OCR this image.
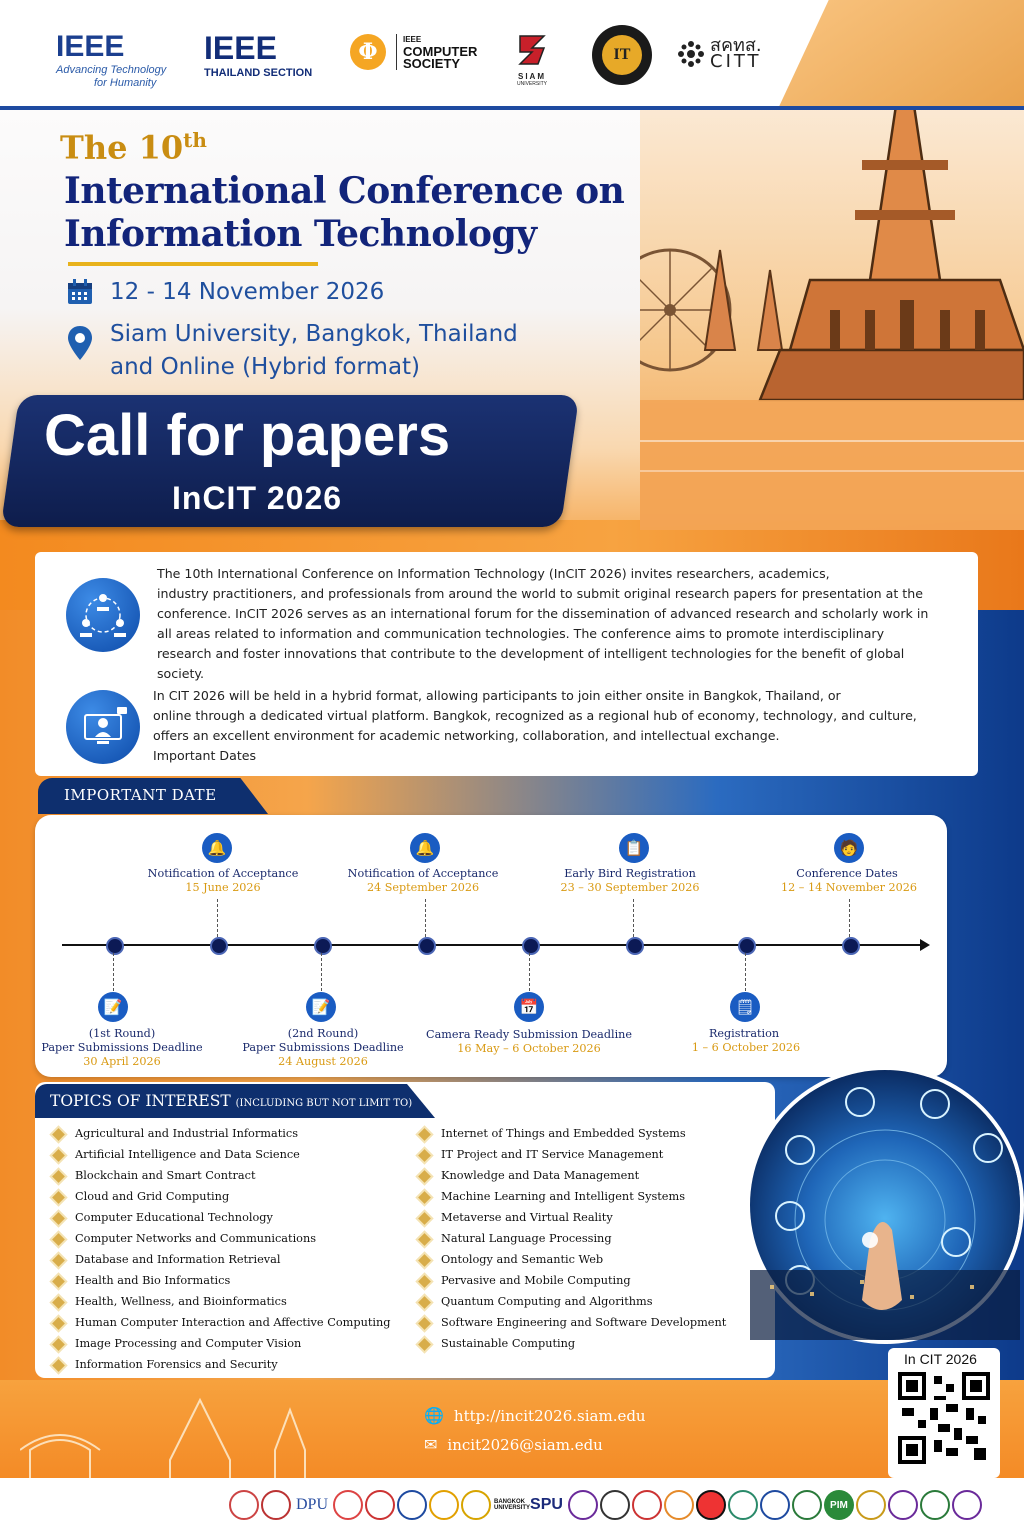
IEEE
Advancing Technology
for Humanity
IEEE
THAILAND SECTION
Φ	IEEE
COMPUTER
SOCIETY
SIAM
UNIVERSITY
IT	สคทส.
CITT
The 10th
International Conference on
Information Technology
12 - 14 November 2026
Siam University, Bangkok, Thailand
and Online (Hybrid format)
Call for papers
InCIT 2026
The 10th International Conference on Information Technology (InCIT 2026) invites researchers, academics,
industry practitioners, and professionals from around the world to submit original research papers for presentation at the
conference. InCIT 2026 serves as an international forum for the dissemination of advanced research and scholarly work in
all areas related to information and communication technologies. The conference aims to promote interdisciplinary
research and foster innovations that contribute to the development of intelligent technologies for the benefit of global
society.
In CIT 2026 will be held in a hybrid format, allowing participants to join either onsite in Bangkok, Thailand, or
online through a dedicated virtual platform. Bangkok, recognized as a regional hub of economy, technology, and culture,
offers an excellent environment for academic networking, collaboration, and intellectual exchange.
Important Dates
IMPORTANT DATE
🔔
Notification of Acceptance
15 June 2026
🔔
Notification of Acceptance
24 September 2026
📋
Early Bird Registration
23 – 30 September 2026
🧑
Conference Dates
12 – 14 November 2026
📝
(1st Round)
Paper Submissions Deadline
30 April 2026
📝
(2nd Round)
Paper Submissions Deadline
24 August 2026
📅
Camera Ready Submission Deadline
16 May – 6 October 2026
🗒
Registration
1 – 6 October 2026
TOPICS OF INTEREST (INCLUDING BUT NOT LIMIT TO)
Agricultural and Industrial Informatics
Artificial Intelligence and Data Science
Blockchain and Smart Contract
Cloud and Grid Computing
Computer Educational Technology
Computer Networks and Communications
Database and Information Retrieval
Health and Bio Informatics
Health, Wellness, and Bioinformatics
Human Computer Interaction and Affective Computing
Image Processing and Computer Vision
Information Forensics and Security
Internet of Things and Embedded Systems
IT Project and IT Service Management
Knowledge and Data Management
Machine Learning and Intelligent Systems
Metaverse and Virtual Reality
Natural Language Processing
Ontology and Semantic Web
Pervasive and Mobile Computing
Quantum Computing and Algorithms
Software Engineering and Software Development
Sustainable Computing
🌐 http://incit2026.siam.edu
✉ incit2026@siam.edu
In CIT 2026
DPU	BANGKOK UNIVERSITY SPU	PIM
